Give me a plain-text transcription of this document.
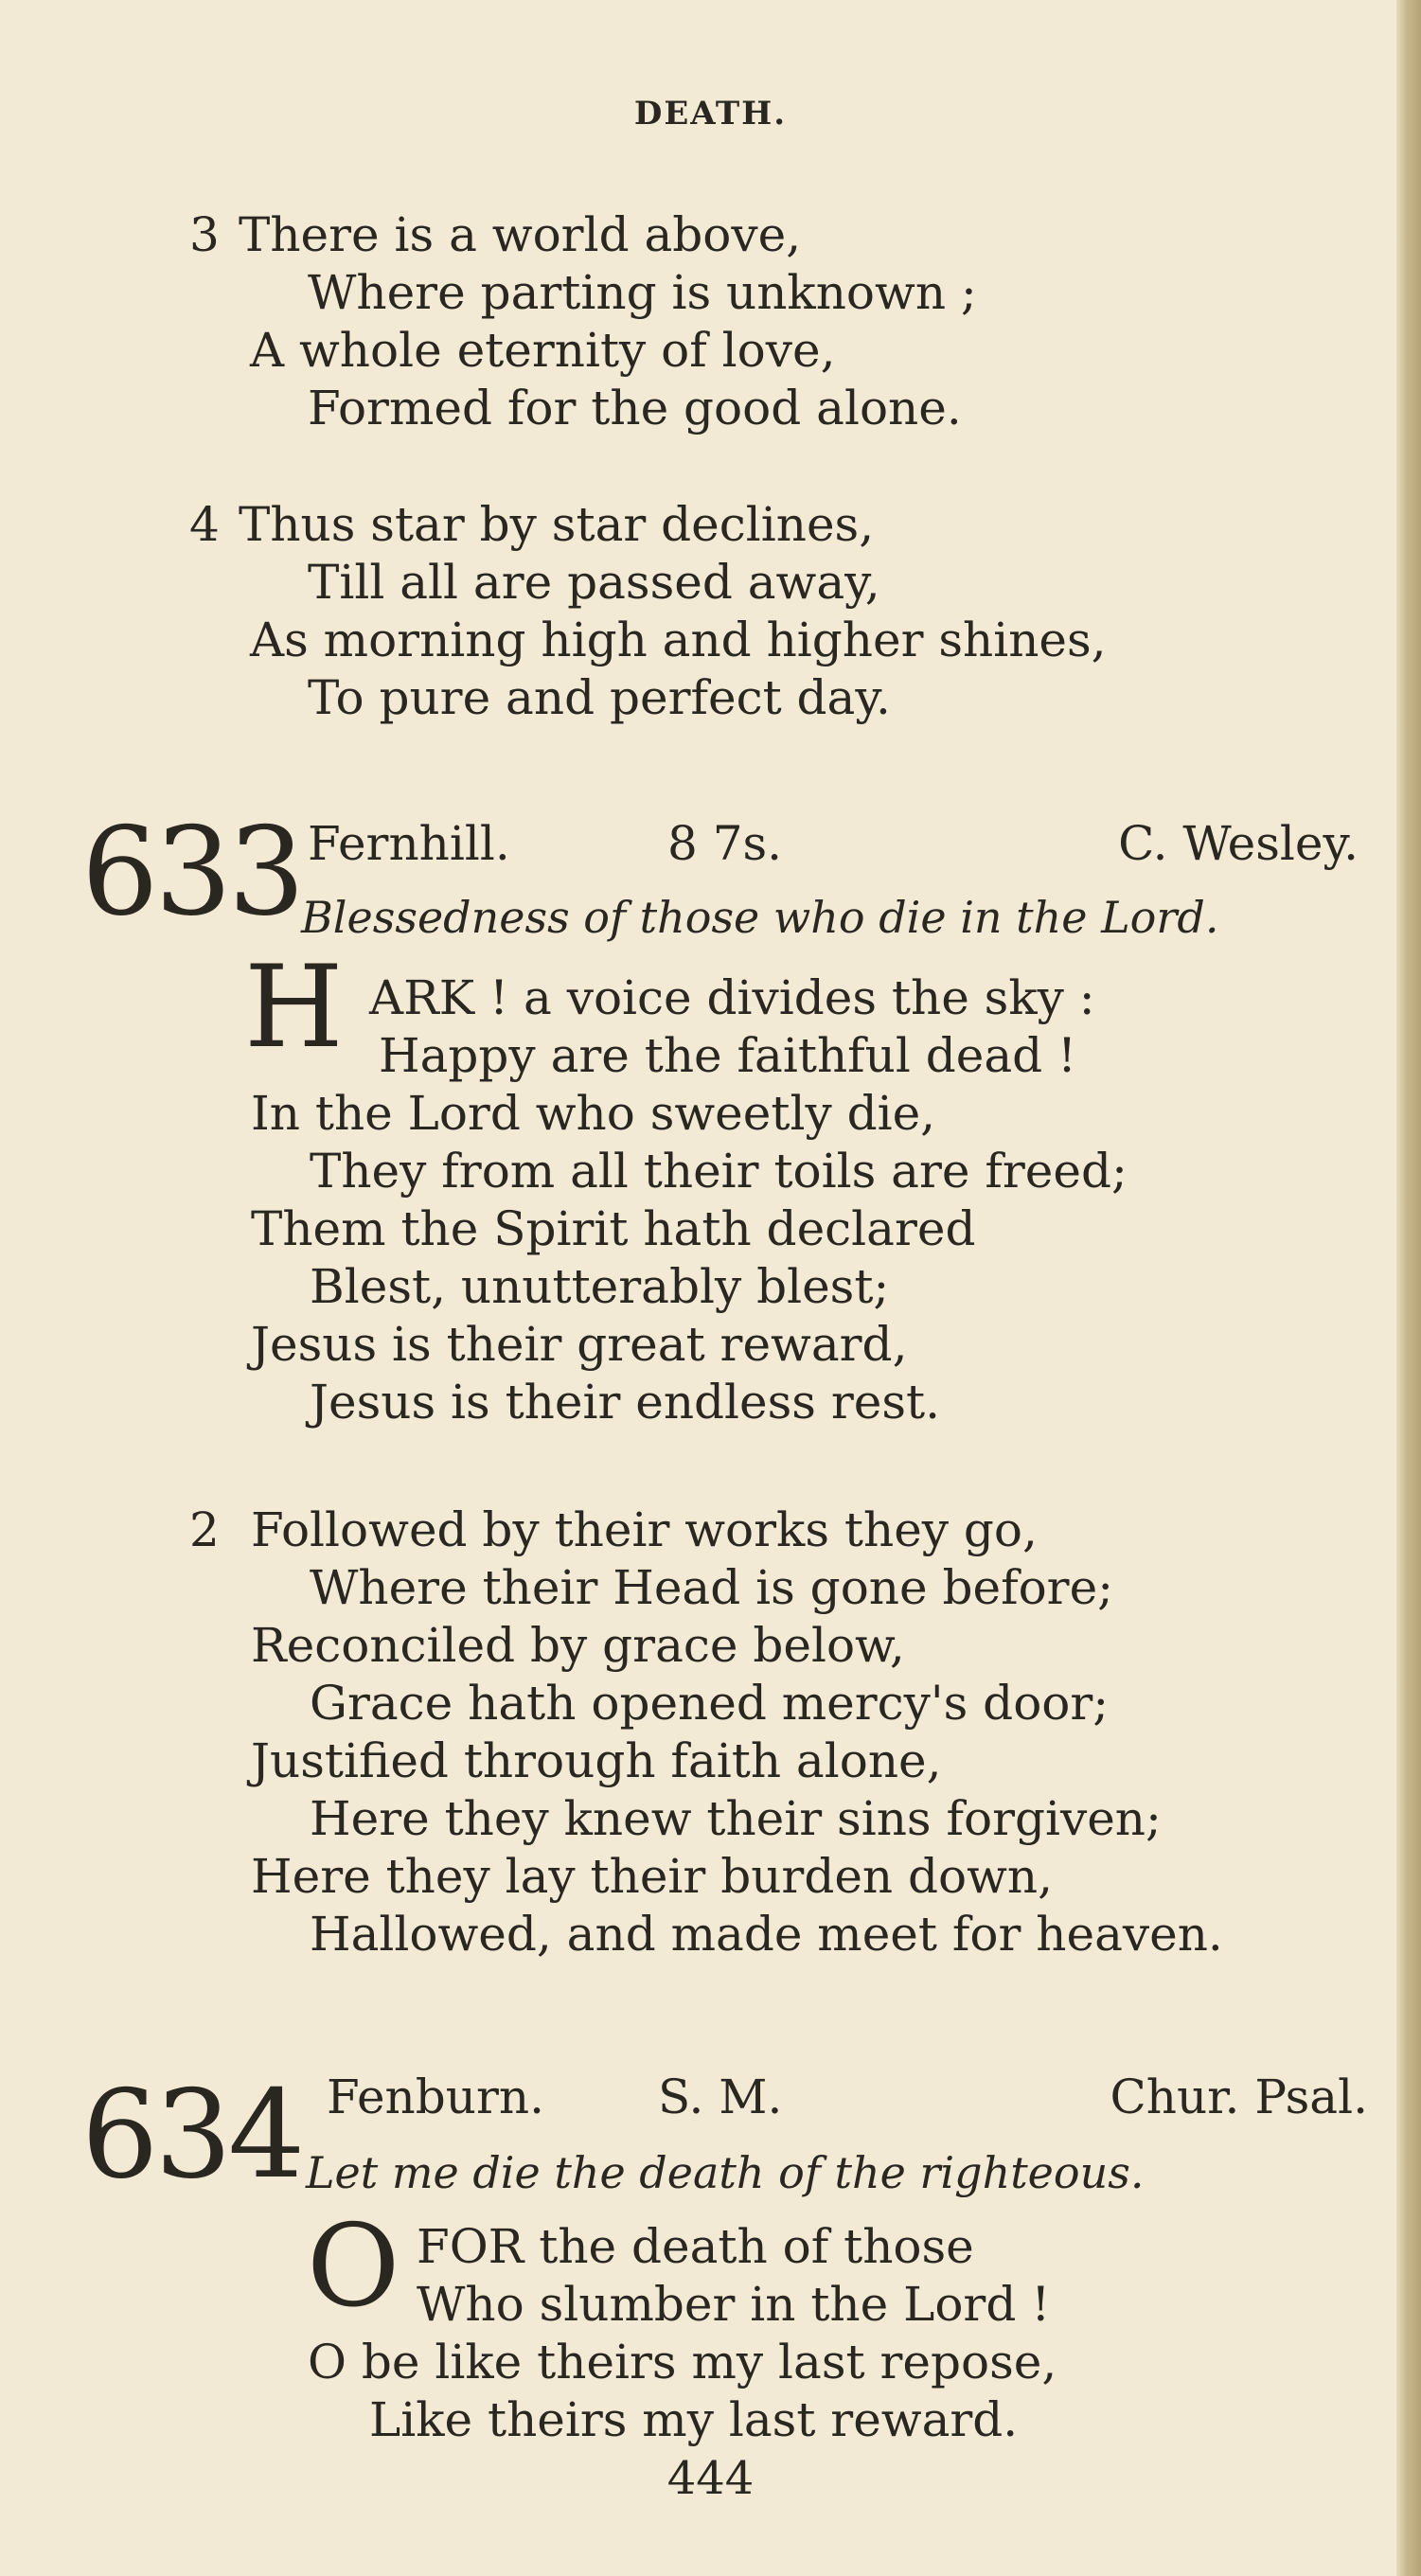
DEATH.
3 There is a world above,
Where parting is unknown ;
A whole eternity of love,
Formed for the good alone.
4 Thus star by star declines,
Till all are passed away,
As morning high and higher shines,
To pure and perfect day.
633 Fernhill.	8 7s.	C. Wesley.
Blessedness of those who die in the Lord.
H ARK ! a voice divides the sky :
Happy are the faithful dead !
In the Lord who sweetly die,
They from all their toils are freed;
Them the Spirit hath declared
Blest, unutterably blest;
Jesus is their great reward,
Jesus is their endless rest.
2 Followed by their works they go,
Where their Head is gone before;
Reconciled by grace below,
Grace hath opened mercy's door;
Justified through faith alone,
Here they knew their sins forgiven;
Here they lay their burden down,
Hallowed, and made meet for heaven.
634 Fenburn. S. M.	Chur. Psal.
Let me die the death of the righteous.
O FOR the death of those
Who slumber in the Lord !
O be like theirs my last repose,
Like theirs my last reward.
444
